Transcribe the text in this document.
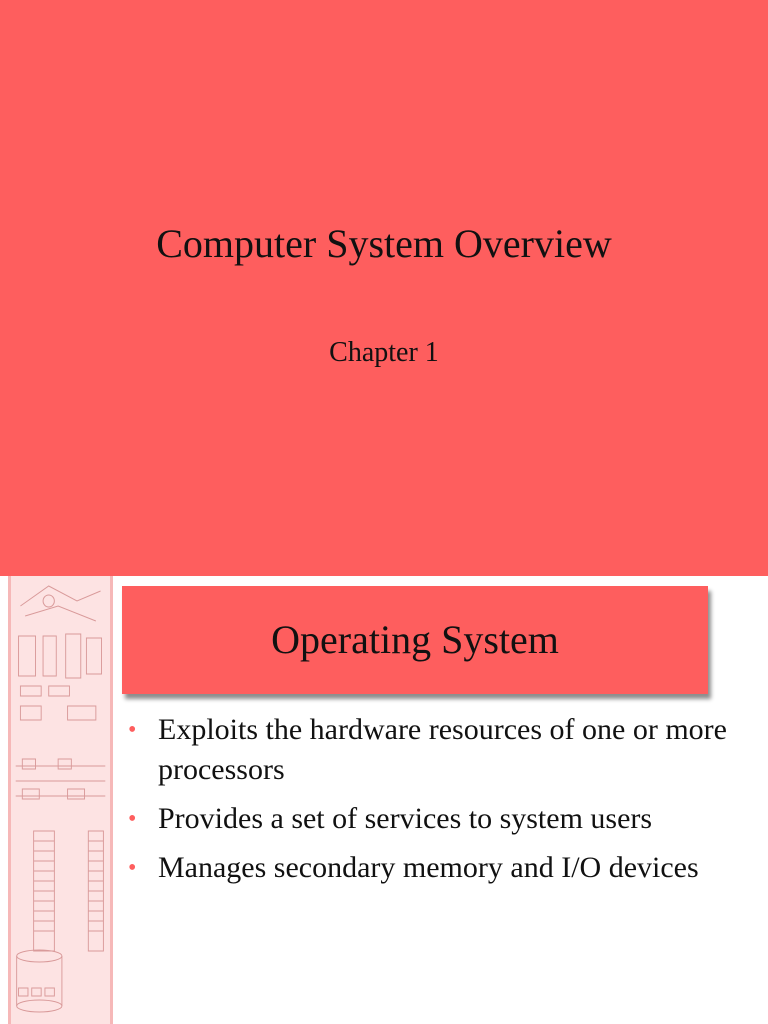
Computer System Overview
Chapter 1
Operating System
• Exploits the hardware resources of one or more processors
• Provides a set of services to system users
• Manages secondary memory and I/O devices
